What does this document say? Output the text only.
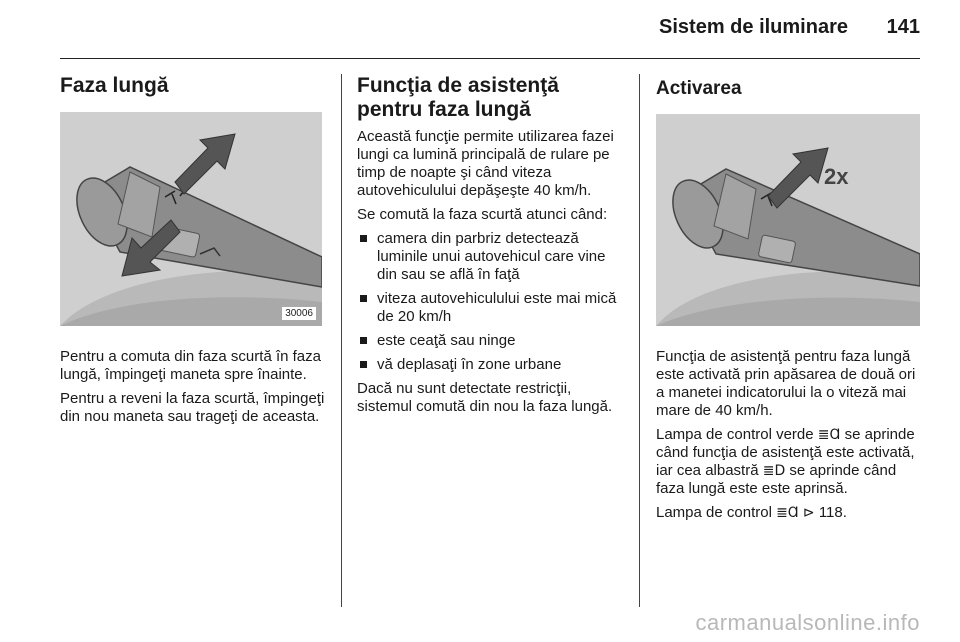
Sistem de iluminare 141
Faza lungă
30006

Pentru a comuta din faza scurtă în faza lungă, împingeţi maneta spre înainte.

Pentru a reveni la faza scurtă, împingeţi din nou maneta sau trageţi de aceasta.

Funcţia de asistenţă pentru faza lungă

Această funcţie permite utilizarea fazei lungi ca lumină principală de rulare pe timp de noapte şi când viteza autovehiculului depăşeşte 40 km/h.

Se comută la faza scurtă atunci când:

camera din parbriz detectează luminile unui autovehicul care vine din sau se află în faţă
viteza autovehiculului este mai mică de 20 km/h
este ceaţă sau ninge
vă deplasaţi în zone urbane

Dacă nu sunt detectate restricţii, sistemul comută din nou la faza lungă.

Activarea
2x

Funcţia de asistenţă pentru faza lungă este activată prin apăsarea de două ori a manetei indicatorului la o viteză mai mare de 40 km/h.

Lampa de control verde ≣Ɑ se aprinde când funcţia de asistenţă este activată, iar cea albastră ≣D se aprinde când faza lungă este este aprinsă.

Lampa de control ≣Ɑ ⊳ 118.

carmanualsonline.info
